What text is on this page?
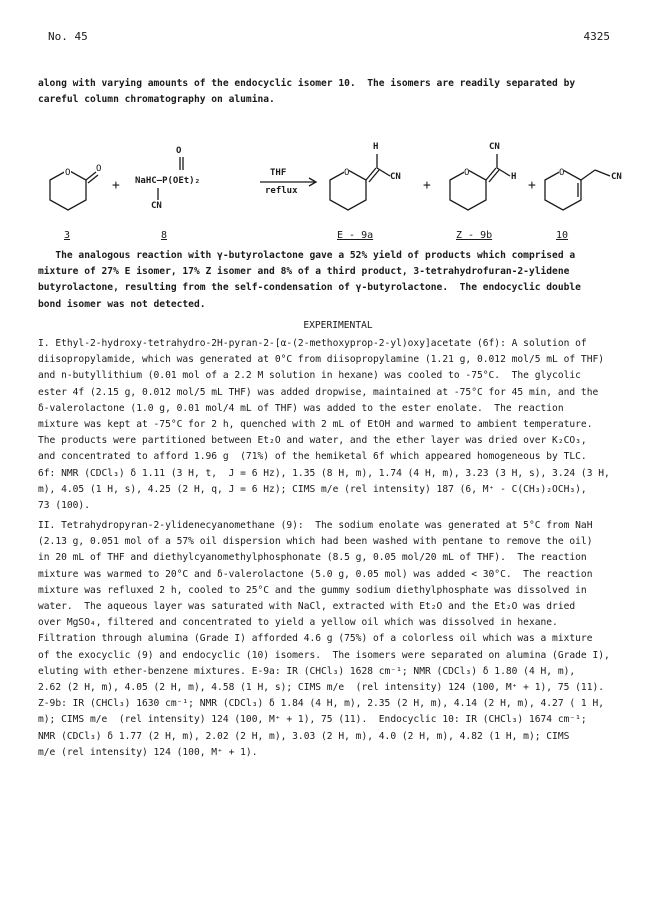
No. 45	4325
along with varying amounts of the endocyclic isomer 10.  The isomers are readily separated by
careful column chromatography on alumina.
O	O
+
O
NaHC–P(OEt)₂
CN
THF
reflux
O
H
CN
+
O
CN
H
+
O	CN
3	8	E - 9a	Z - 9b	10
The analogous reaction with γ-butyrolactone gave a 52% yield of products which comprised a
mixture of 27% E isomer, 17% Z isomer and 8% of a third product, 3-tetrahydrofuran-2-ylidene
butyrolactone, resulting from the self-condensation of γ-butyrolactone.  The endocyclic double
bond isomer was not detected.
EXPERIMENTAL
I. Ethyl-2-hydroxy-tetrahydro-2H-pyran-2-[α-(2-methoxyprop-2-yl)oxy]acetate (6f): A solution of
diisopropylamide, which was generated at 0°C from diisopropylamine (1.21 g, 0.012 mol/5 mL of THF)
and n-butyllithium (0.01 mol of a 2.2 M solution in hexane) was cooled to -75°C.  The glycolic
ester 4f (2.15 g, 0.012 mol/5 mL THF) was added dropwise, maintained at -75°C for 45 min, and the
δ-valerolactone (1.0 g, 0.01 mol/4 mL of THF) was added to the ester enolate.  The reaction
mixture was kept at -75°C for 2 h, quenched with 2 mL of EtOH and warmed to ambient temperature.
The products were partitioned between Et₂O and water, and the ether layer was dried over K₂CO₃,
and concentrated to afford 1.96 g  (71%) of the hemiketal 6f which appeared homogeneous by TLC.
6f: NMR (CDCl₃) δ 1.11 (3 H, t,  J = 6 Hz), 1.35 (8 H, m), 1.74 (4 H, m), 3.23 (3 H, s), 3.24 (3 H,
m), 4.05 (1 H, s), 4.25 (2 H, q, J = 6 Hz); CIMS m/e (rel intensity) 187 (6, M⁺ - C(CH₃)₂OCH₃),
73 (100).
II. Tetrahydropyran-2-ylidenecyanomethane (9):  The sodium enolate was generated at 5°C from NaH
(2.13 g, 0.051 mol of a 57% oil dispersion which had been washed with pentane to remove the oil)
in 20 mL of THF and diethylcyanomethylphosphonate (8.5 g, 0.05 mol/20 mL of THF).  The reaction
mixture was warmed to 20°C and δ-valerolactone (5.0 g, 0.05 mol) was added < 30°C.  The reaction
mixture was refluxed 2 h, cooled to 25°C and the gummy sodium diethylphosphate was dissolved in
water.  The aqueous layer was saturated with NaCl, extracted with Et₂O and the Et₂O was dried
over MgSO₄, filtered and concentrated to yield a yellow oil which was dissolved in hexane.
Filtration through alumina (Grade I) afforded 4.6 g (75%) of a colorless oil which was a mixture
of the exocyclic (9) and endocyclic (10) isomers.  The isomers were separated on alumina (Grade I),
eluting with ether-benzene mixtures. E-9a: IR (CHCl₃) 1628 cm⁻¹; NMR (CDCl₃) δ 1.80 (4 H, m),
2.62 (2 H, m), 4.05 (2 H, m), 4.58 (1 H, s); CIMS m/e  (rel intensity) 124 (100, M⁺ + 1), 75 (11).
Z-9b: IR (CHCl₃) 1630 cm⁻¹; NMR (CDCl₃) δ 1.84 (4 H, m), 2.35 (2 H, m), 4.14 (2 H, m), 4.27 ( 1 H,
m); CIMS m/e  (rel intensity) 124 (100, M⁺ + 1), 75 (11).  Endocyclic 10: IR (CHCl₃) 1674 cm⁻¹;
NMR (CDCl₃) δ 1.77 (2 H, m), 2.02 (2 H, m), 3.03 (2 H, m), 4.0 (2 H, m), 4.82 (1 H, m); CIMS
m/e (rel intensity) 124 (100, M⁺ + 1).
